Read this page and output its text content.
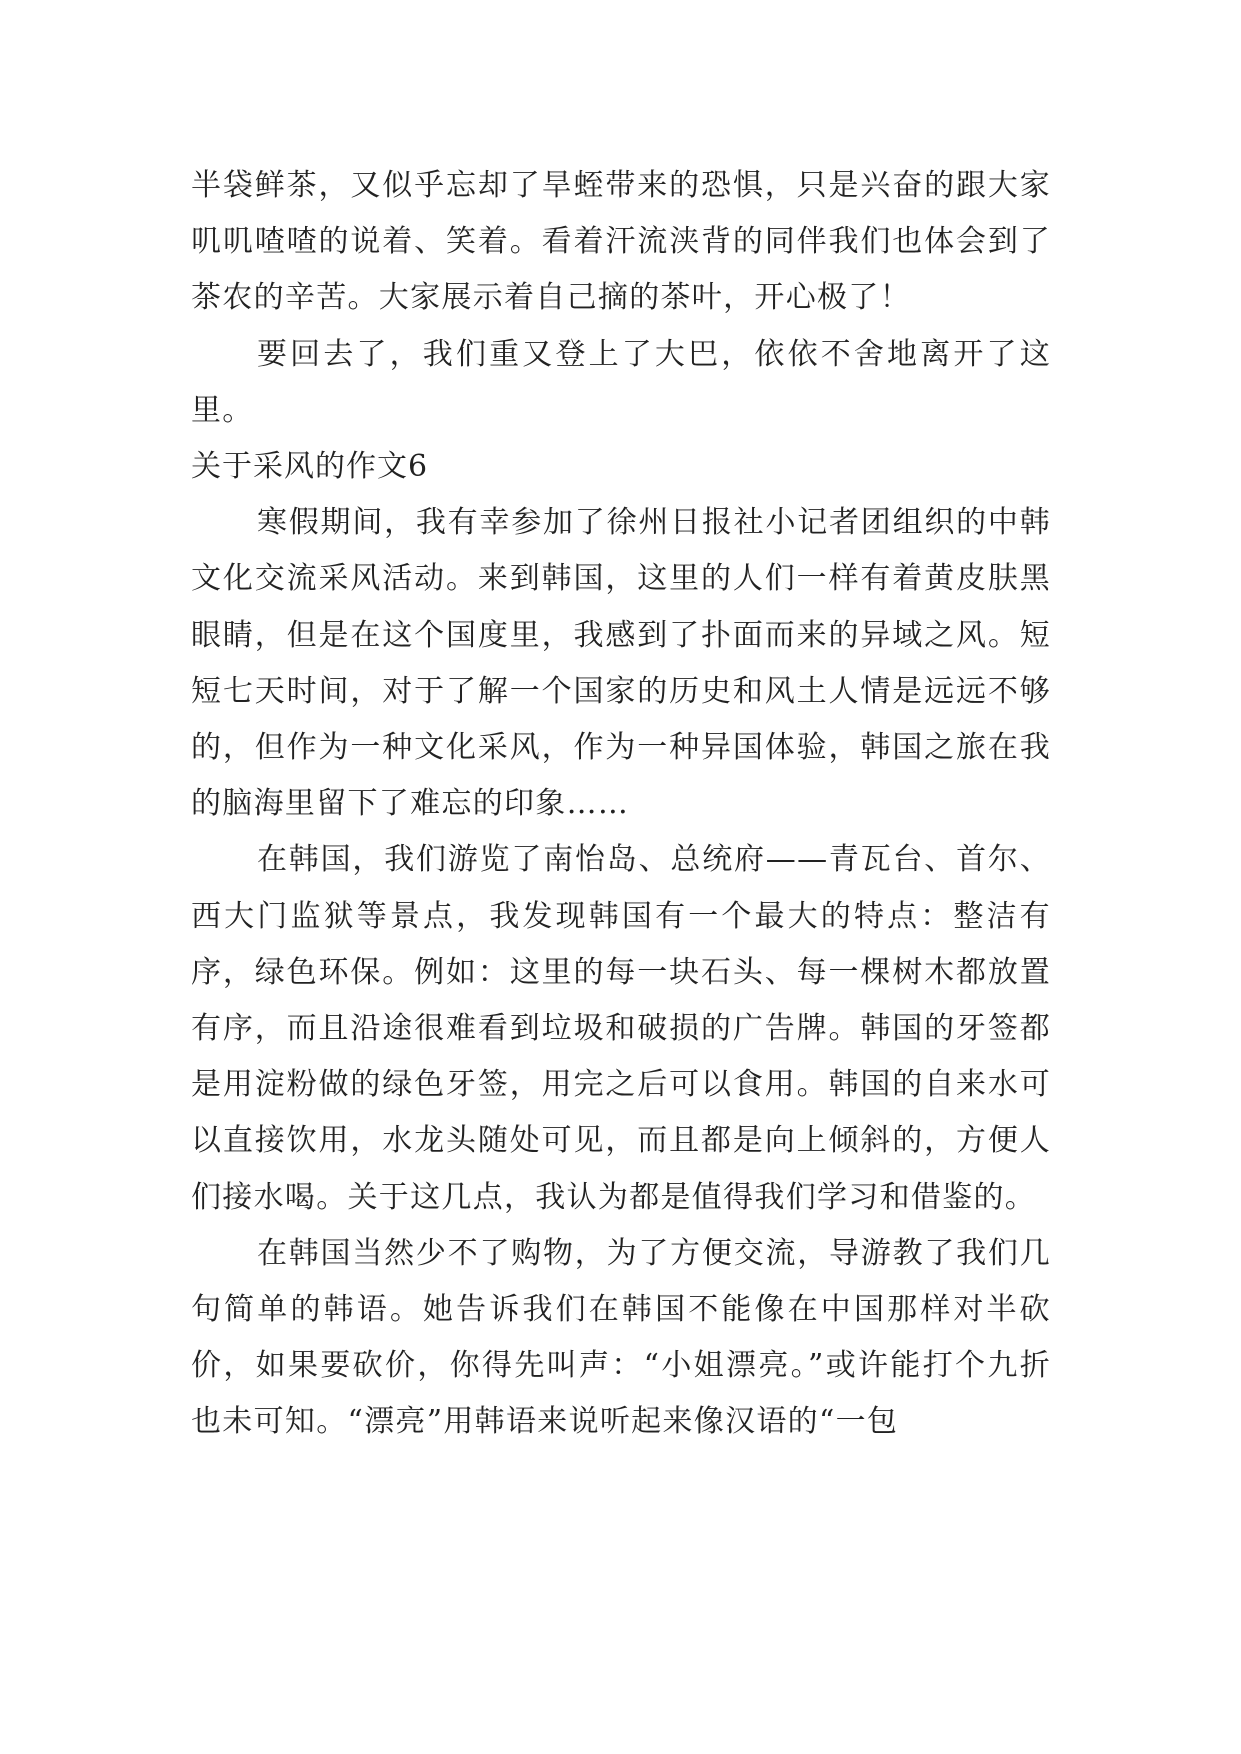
半袋鲜茶，又似乎忘却了旱蛭带来的恐惧，只是兴奋的跟大家叽叽喳喳的说着、笑着。看着汗流浃背的同伴我们也体会到了茶农的辛苦。大家展示着自己摘的茶叶，开心极了！

要回去了，我们重又登上了大巴，依依不舍地离开了这里。

关于采风的作文6

寒假期间，我有幸参加了徐州日报社小记者团组织的中韩文化交流采风活动。来到韩国，这里的人们一样有着黄皮肤黑眼睛，但是在这个国度里，我感到了扑面而来的异域之风。短短七天时间，对于了解一个国家的历史和风土人情是远远不够的，但作为一种文化采风，作为一种异国体验，韩国之旅在我的脑海里留下了难忘的印象……

在韩国，我们游览了南怡岛、总统府——青瓦台、首尔、西大门监狱等景点，我发现韩国有一个最大的特点：整洁有序，绿色环保。例如：这里的每一块石头、每一棵树木都放置有序，而且沿途很难看到垃圾和破损的广告牌。韩国的牙签都是用淀粉做的绿色牙签，用完之后可以食用。韩国的自来水可以直接饮用，水龙头随处可见，而且都是向上倾斜的，方便人们接水喝。关于这几点，我认为都是值得我们学习和借鉴的。

在韩国当然少不了购物，为了方便交流，导游教了我们几句简单的韩语。她告诉我们在韩国不能像在中国那样对半砍价，如果要砍价，你得先叫声：“小姐漂亮。”或许能打个九折也未可知。“漂亮”用韩语来说听起来像汉语的“一包
